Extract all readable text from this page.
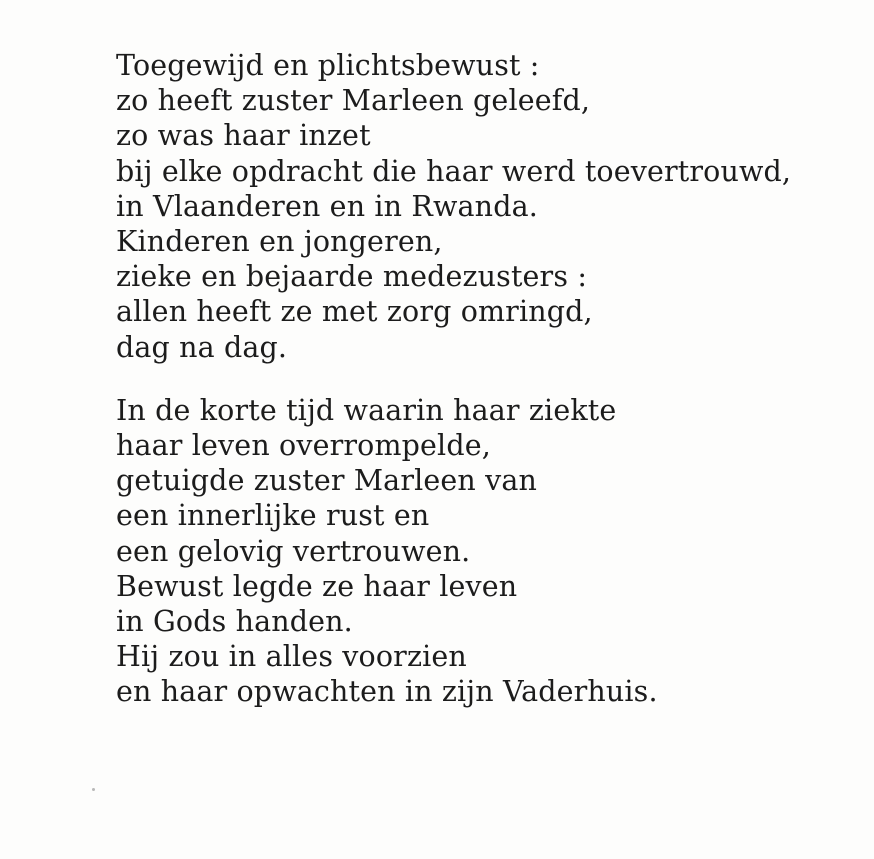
Toegewijd en plichtsbewust :
zo heeft zuster Marleen geleefd,
zo was haar inzet
bij elke opdracht die haar werd toevertrouwd,
in Vlaanderen en in Rwanda.
Kinderen en jongeren,
zieke en bejaarde medezusters :
allen heeft ze met zorg omringd,
dag na dag.

In de korte tijd waarin haar ziekte
haar leven overrompelde,
getuigde zuster Marleen van
een innerlijke rust en
een gelovig vertrouwen.
Bewust legde ze haar leven
in Gods handen.
Hij zou in alles voorzien
en haar opwachten in zijn Vaderhuis.
